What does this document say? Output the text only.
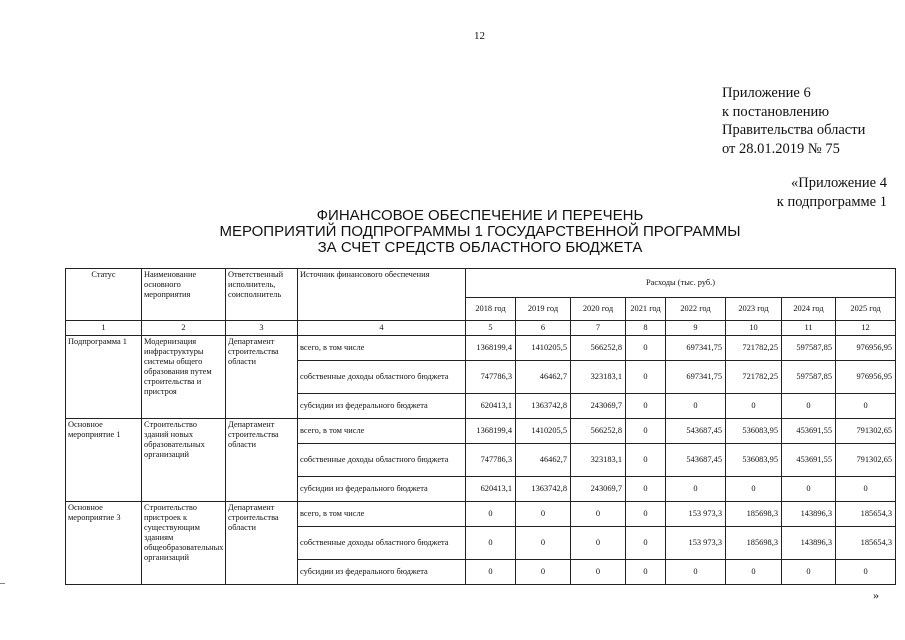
12
Приложение 6
к постановлению
Правительства области
от 28.01.2019 № 75
«Приложение 4
к подпрограмме 1
ФИНАНСОВОЕ ОБЕСПЕЧЕНИЕ И ПЕРЕЧЕНЬ
МЕРОПРИЯТИЙ ПОДПРОГРАММЫ 1 ГОСУДАРСТВЕННОЙ ПРОГРАММЫ
ЗА СЧЕТ СРЕДСТВ ОБЛАСТНОГО БЮДЖЕТА
–
Статус	Наименование основного мероприятия	Ответственный исполнитель, соисполнитель	Источник финансового обеспечения	Расходы (тыс. руб.)							
				2018 год	2019 год	2020 год	2021 год	2022 год	2023 год	2024 год	2025 год
1	2	3	4	5	6	7	8	9	10	11	12
Подпрограмма 1	Модернизация инфраструктуры системы общего образования путем строительства и пристроя	Департамент строительства области	всего, в том числе	1368199,4	1410205,5	566252,8	0	697341,75	721782,25	597587,85	976956,95
			собственные доходы областного бюджета	747786,3	46462,7	323183,1	0	697341,75	721782,25	597587,85	976956,95
			субсидии из федерального бюджета	620413,1	1363742,8	243069,7	0	0	0	0	0
Основное мероприятие 1	Строительство зданий новых образовательных организаций	Департамент строительства области	всего, в том числе	1368199,4	1410205,5	566252,8	0	543687,45	536083,95	453691,55	791302,65
			собственные доходы областного бюджета	747786,3	46462,7	323183,1	0	543687,45	536083,95	453691,55	791302,65
			субсидии из федерального бюджета	620413,1	1363742,8	243069,7	0	0	0	0	0
Основное мероприятие 3	Строительство пристроек к существующим зданиям общеобразовательных организаций	Департамент строительства области	всего, в том числе	0	0	0	0	153 973,3	185698,3	143896,3	185654,3
			собственные доходы областного бюджета	0	0	0	0	153 973,3	185698,3	143896,3	185654,3
			субсидии из федерального бюджета	0	0	0	0	0	0	0	0
»
